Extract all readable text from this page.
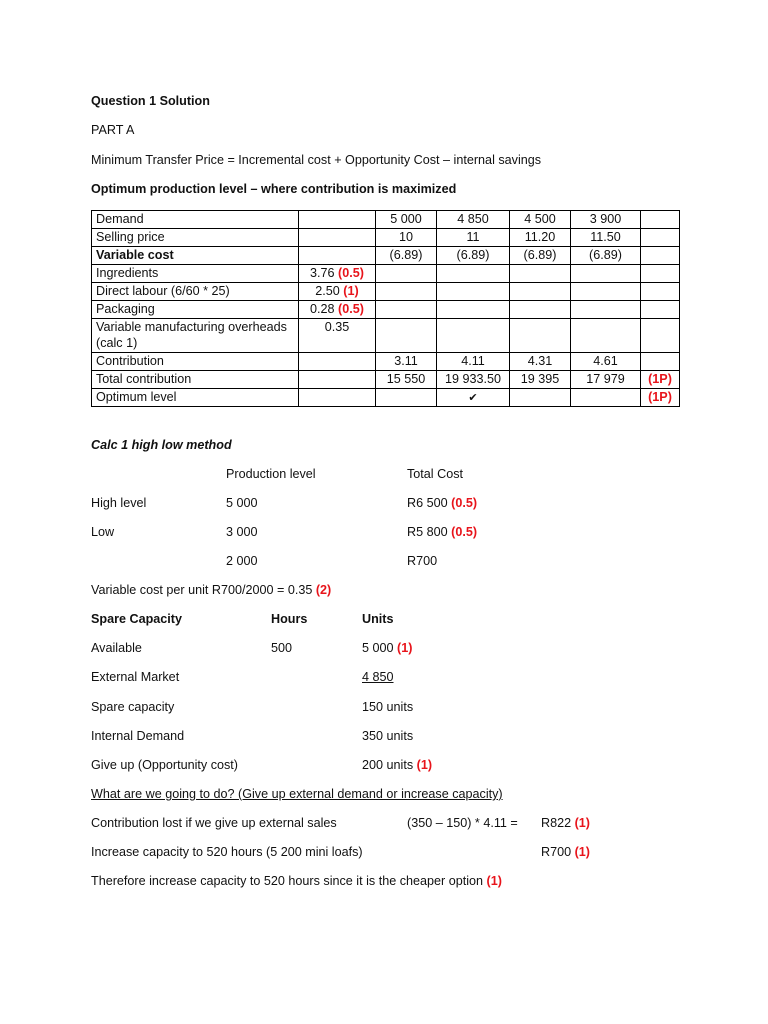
Question 1 Solution
PART A
Minimum Transfer Price = Incremental cost + Opportunity Cost – internal savings
Optimum production level – where contribution is maximized
Demand		5 000	4 850	4 500	3 900	

Selling price		10	11	11.20	11.50	

Variable cost		(6.89)	(6.89)	(6.89)	(6.89)	

Ingredients	3.76 (0.5)					

Direct labour (6/60 * 25)	2.50 (1)					

Packaging	0.28 (0.5)					

Variable manufacturing overheads
(calc 1)	0.35					

Contribution		3.11	4.11	4.31	4.61	

Total contribution		15 550	19 933.50	19 395	17 979	(1P)

Optimum level			✔			(1P)
Calc 1 high low method
Production level	Total Cost
High level	5 000	R6 500 (0.5)
Low	3 000	R5 800 (0.5)
2 000	R700
Variable cost per unit R700/2000 = 0.35 (2)
Spare Capacity	Hours	Units
Available	500	5 000 (1)
External Market	4 850
Spare capacity	150 units
Internal Demand	350 units
Give up (Opportunity cost)	200 units (1)
What are we going to do? (Give up external demand or increase capacity)
Contribution lost if we give up external sales	(350 – 150) * 4.11 = R822 (1)
Increase capacity to 520 hours (5 200 mini loafs)	R700 (1)
Therefore increase capacity to 520 hours since it is the cheaper option (1)
